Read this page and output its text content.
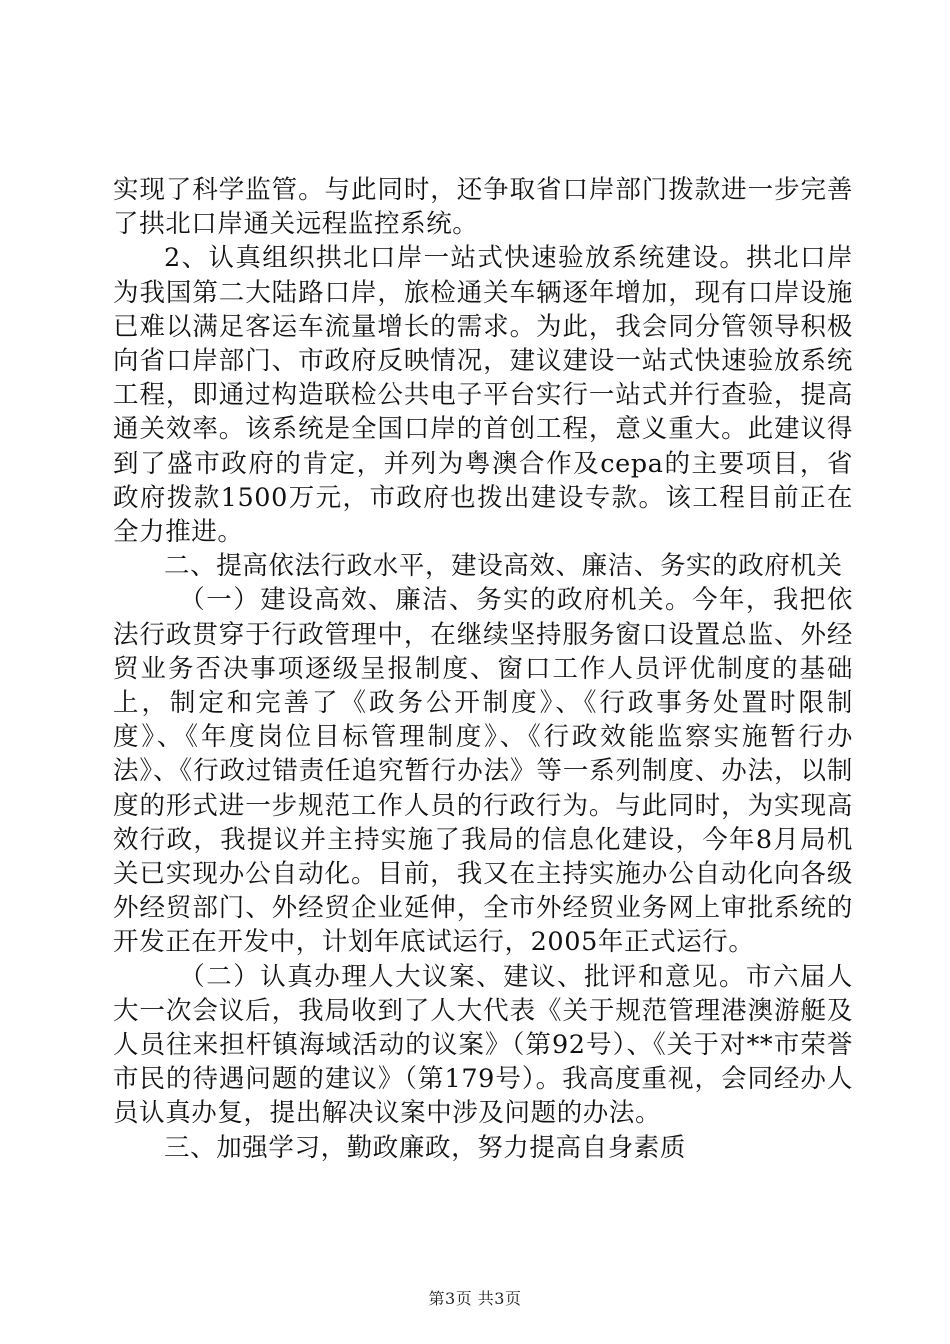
实现了科学监管。与此同时，还争取省口岸部门拨款进一步完善了拱北口岸通关远程监控系统。

2、认真组织拱北口岸一站式快速验放系统建设。拱北口岸为我国第二大陆路口岸，旅检通关车辆逐年增加，现有口岸设施已难以满足客运车流量增长的需求。为此，我会同分管领导积极向省口岸部门、市政府反映情况，建议建设一站式快速验放系统工程，即通过构造联检公共电子平台实行一站式并行查验，提高通关效率。该系统是全国口岸的首创工程，意义重大。此建议得到了盛市政府的肯定，并列为粤澳合作及cepa的主要项目，省政府拨款1500万元，市政府也拨出建设专款。该工程目前正在全力推进。

二、提高依法行政水平，建设高效、廉洁、务实的政府机关

（一）建设高效、廉洁、务实的政府机关。今年，我把依法行政贯穿于行政管理中，在继续坚持服务窗口设置总监、外经贸业务否决事项逐级呈报制度、窗口工作人员评优制度的基础上，制定和完善了《政务公开制度》、《行政事务处置时限制度》、《年度岗位目标管理制度》、《行政效能监察实施暂行办法》、《行政过错责任追究暂行办法》等一系列制度、办法，以制度的形式进一步规范工作人员的行政行为。与此同时，为实现高效行政，我提议并主持实施了我局的信息化建设，今年8月局机关已实现办公自动化。目前，我又在主持实施办公自动化向各级外经贸部门、外经贸企业延伸，全市外经贸业务网上审批系统的开发正在开发中，计划年底试运行，2005年正式运行。

（二）认真办理人大议案、建议、批评和意见。市六届人大一次会议后，我局收到了人大代表《关于规范管理港澳游艇及人员往来担杆镇海域活动的议案》（第92号）、《关于对**市荣誉市民的待遇问题的建议》（第179号）。我高度重视，会同经办人员认真办复，提出解决议案中涉及问题的办法。

三、加强学习，勤政廉政，努力提高自身素质

第3页 共3页
